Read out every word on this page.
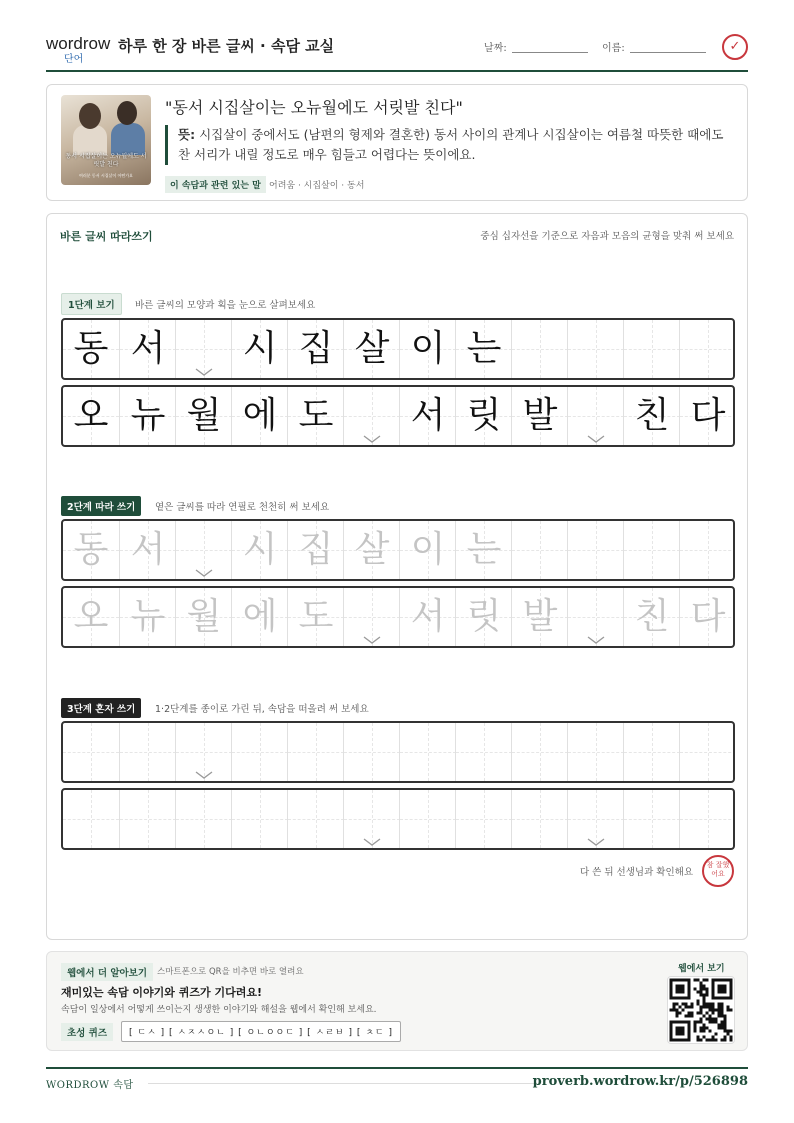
wordrow
단어
하루 한 장 바른 글씨 · 속담 교실	날짜:	이름:	✓
동서 시집살이는 오뉴월에도 서릿발 친다
여러분 동서 시집살이 어떤가요
"동서 시집살이는 오뉴월에도 서릿발 친다"
뜻: 시집살이 중에서도 (남편의 형제와 결혼한) 동서 사이의 관계나 시집살이는 여름철 따뜻한 때에도 찬 서리가 내릴 정도로 매우 힘들고 어렵다는 뜻이에요.
이 속담과 관련 있는 말 어려움 · 시집살이 · 동서
바른 글씨 따라쓰기	중심 십자선을 기준으로 자음과 모음의 균형을 맞춰 써 보세요
1단계 보기	바른 글씨의 모양과 획을 눈으로 살펴보세요
동 서 시 집 살 이 는
오 뉴 월 에 도 서 릿 발 친 다
2단계 따라 쓰기	옅은 글씨를 따라 연필로 천천히 써 보세요
동 서 시 집 살 이 는
오 뉴 월 에 도 서 릿 발 친 다
3단계 혼자 쓰기	1·2단계를 종이로 가린 뒤, 속담을 떠올려 써 보세요
다 쓴 뒤 선생님과 확인해요
참 잘했어요
웹에서 더 알아보기	스마트폰으로 QR을 비추면 바로 열려요
재미있는 속담 이야기와 퀴즈가 기다려요!
속담이 일상에서 어떻게 쓰이는지 생생한 이야기와 해설을 웹에서 확인해 보세요.
초성 퀴즈	[ ㄷㅅ ] [ ㅅㅈㅅㅇㄴ ] [ ㅇㄴㅇㅇㄷ ] [ ㅅㄹㅂ ] [ ㅊㄷ ]
웹에서 보기
WORDROW 속담	proverb.wordrow.kr/p/526898
